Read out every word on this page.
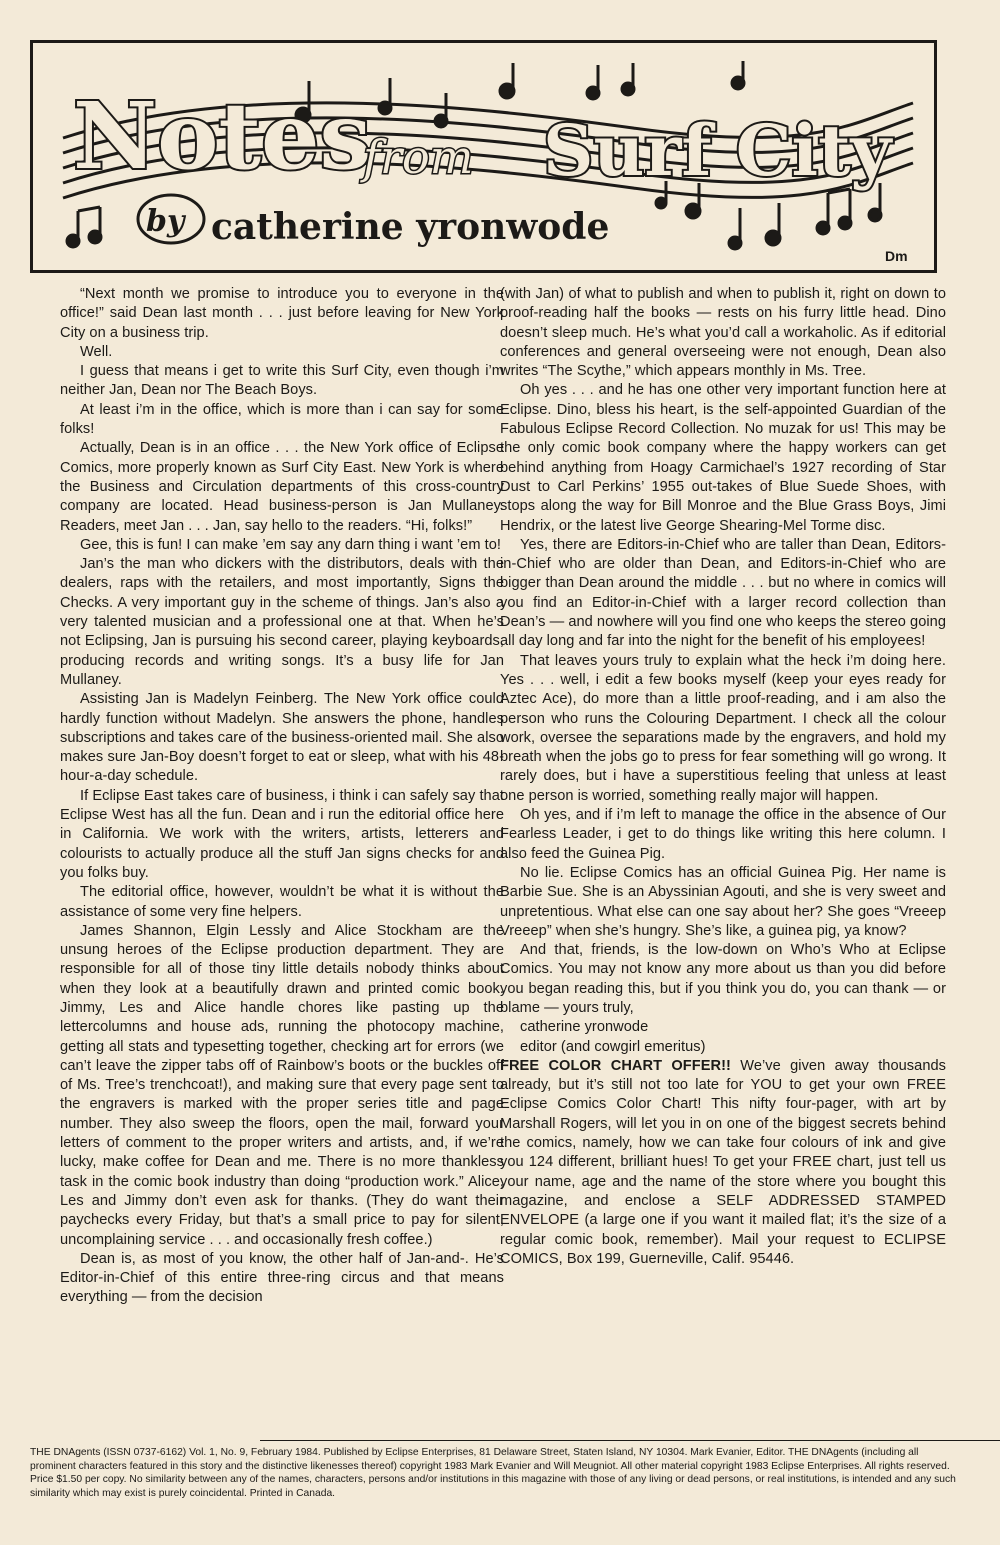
Notes
from Surf City
by catherine yronwode
Dm

“Next month we promise to introduce you to everyone in the office!” said Dean last month . . . just before leaving for New York City on a business trip.

Well.

I guess that means i get to write this Surf City, even though i’m neither Jan, Dean nor The Beach Boys.

At least i’m in the office, which is more than i can say for some folks!

Actually, Dean is in an office . . . the New York office of Eclipse Comics, more properly known as Surf City East. New York is where the Business and Circulation departments of this cross-country company are located. Head business-person is Jan Mullaney. Readers, meet Jan . . . Jan, say hello to the readers. “Hi, folks!”

Gee, this is fun! I can make ’em say any darn thing i want ’em to!

Jan’s the man who dickers with the distributors, deals with the dealers, raps with the retailers, and most importantly, Signs the Checks. A very important guy in the scheme of things. Jan’s also a very talented musician and a professional one at that. When he’s not Eclipsing, Jan is pursuing his second career, playing keyboards, producing records and writing songs. It’s a busy life for Jan Mullaney.

Assisting Jan is Madelyn Feinberg. The New York office could hardly function without Madelyn. She answers the phone, handles subscriptions and takes care of the business-oriented mail. She also makes sure Jan-Boy doesn’t forget to eat or sleep, what with his 48-hour-a-day schedule.

If Eclipse East takes care of business, i think i can safely say that Eclipse West has all the fun. Dean and i run the editorial office here in California. We work with the writers, artists, letterers and colourists to actually produce all the stuff Jan signs checks for and you folks buy.

The editorial office, however, wouldn’t be what it is without the assistance of some very fine helpers.

James Shannon, Elgin Lessly and Alice Stockham are the unsung heroes of the Eclipse production department. They are responsible for all of those tiny little details nobody thinks about when they look at a beautifully drawn and printed comic book. Jimmy, Les and Alice handle chores like pasting up the lettercolumns and house ads, running the photocopy machine, getting all stats and typesetting together, checking art for errors (we can’t leave the zipper tabs off of Rainbow’s boots or the buckles off of Ms. Tree’s trenchcoat!), and making sure that every page sent to the engravers is marked with the proper series title and page number. They also sweep the floors, open the mail, forward your letters of comment to the proper writers and artists, and, if we’re lucky, make coffee for Dean and me. There is no more thankless task in the comic book industry than doing “production work.” Alice, Les and Jimmy don’t even ask for thanks. (They do want their paychecks every Friday, but that’s a small price to pay for silent, uncomplaining service . . . and occasionally fresh coffee.)

Dean is, as most of you know, the other half of Jan-and-. He’s Editor-in-Chief of this entire three-ring circus and that means everything — from the decision

(with Jan) of what to publish and when to publish it, right on down to proof-reading half the books — rests on his furry little head. Dino doesn’t sleep much. He’s what you’d call a workaholic. As if editorial conferences and general overseeing were not enough, Dean also writes “The Scythe,” which appears monthly in Ms. Tree.

Oh yes . . . and he has one other very important function here at Eclipse. Dino, bless his heart, is the self-appointed Guardian of the Fabulous Eclipse Record Collection. No muzak for us! This may be the only comic book company where the happy workers can get behind anything from Hoagy Carmichael’s 1927 recording of Star Dust to Carl Perkins’ 1955 out-takes of Blue Suede Shoes, with stops along the way for Bill Monroe and the Blue Grass Boys, Jimi Hendrix, or the latest live George Shearing-Mel Torme disc.

Yes, there are Editors-in-Chief who are taller than Dean, Editors-in-Chief who are older than Dean, and Editors-in-Chief who are bigger than Dean around the middle . . . but no where in comics will you find an Editor-in-Chief with a larger record collection than Dean’s — and nowhere will you find one who keeps the stereo going all day long and far into the night for the benefit of his employees!

That leaves yours truly to explain what the heck i’m doing here. Yes . . . well, i edit a few books myself (keep your eyes ready for Aztec Ace), do more than a little proof-reading, and i am also the person who runs the Colouring Department. I check all the colour work, oversee the separations made by the engravers, and hold my breath when the jobs go to press for fear something will go wrong. It rarely does, but i have a superstitious feeling that unless at least one person is worried, something really major will happen.

Oh yes, and if i’m left to manage the office in the absence of Our Fearless Leader, i get to do things like writing this here column. I also feed the Guinea Pig.

No lie. Eclipse Comics has an official Guinea Pig. Her name is Barbie Sue. She is an Abyssinian Agouti, and she is very sweet and unpretentious. What else can one say about her? She goes “Vreeep Vreeep” when she’s hungry. She’s like, a guinea pig, ya know?

And that, friends, is the low-down on Who’s Who at Eclipse Comics. You may not know any more about us than you did before you began reading this, but if you think you do, you can thank — or blame — yours truly,

catherine yronwode

editor (and cowgirl emeritus)

FREE COLOR CHART OFFER!! We’ve given away thousands already, but it’s still not too late for YOU to get your own FREE Eclipse Comics Color Chart! This nifty four-pager, with art by Marshall Rogers, will let you in on one of the biggest secrets behind the comics, namely, how we can take four colours of ink and give you 124 different, brilliant hues! To get your FREE chart, just tell us your name, age and the name of the store where you bought this magazine, and enclose a SELF ADDRESSED STAMPED ENVELOPE (a large one if you want it mailed flat; it’s the size of a regular comic book, remember). Mail your request to ECLIPSE COMICS, Box 199, Guerneville, Calif. 95446.

THE DNAgents (ISSN 0737-6162) Vol. 1, No. 9, February 1984. Published by Eclipse Enterprises, 81 Delaware Street, Staten Island, NY 10304. Mark Evanier, Editor. THE DNAgents (including all prominent characters featured in this story and the distinctive likenesses thereof) copyright 1983 Mark Evanier and Will Meugniot. All other material copyright 1983 Eclipse Enterprises. All rights reserved. Price $1.50 per copy. No similarity between any of the names, characters, persons and/or institutions in this magazine with those of any living or dead persons, or real institutions, is intended and any such similarity which may exist is purely coincidental. Printed in Canada.
